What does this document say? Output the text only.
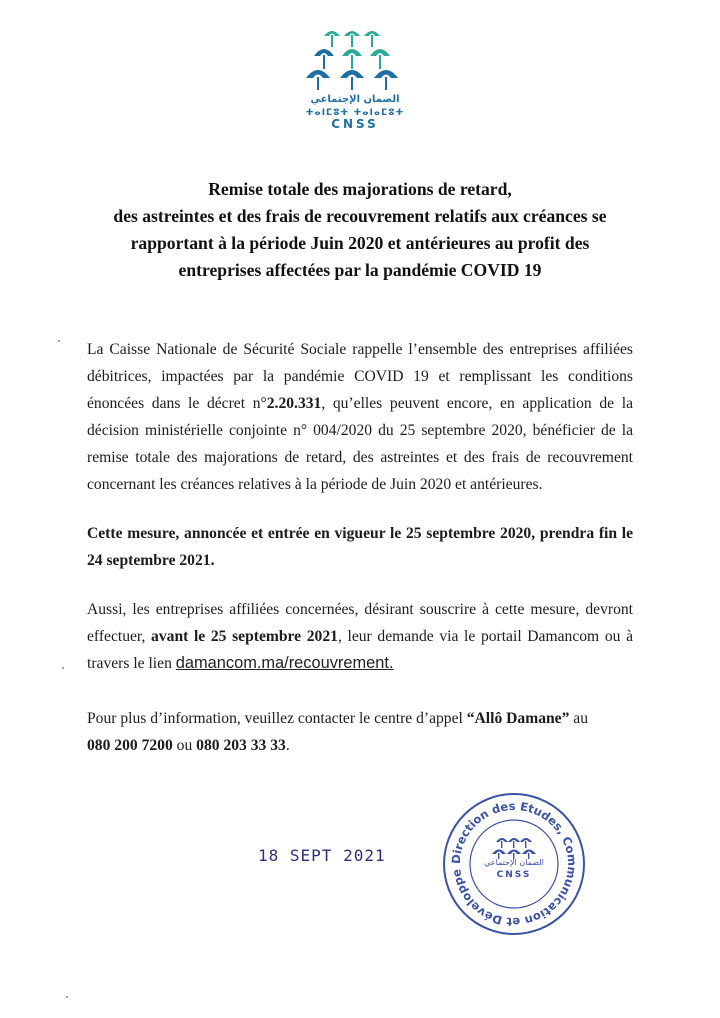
الضمان الإجتماعي
ⵜⴰⵏⵎⵓⵜ ⵜⴰⵏⴰⵎⵓⵜ
CNSS
Remise totale des majorations de retard,
des astreintes et des frais de recouvrement relatifs aux créances se
rapportant à la période Juin 2020 et antérieures au profit des
entreprises affectées par la pandémie COVID 19

La Caisse Nationale de Sécurité Sociale rappelle l’ensemble des entreprises affiliées débitrices, impactées par la pandémie COVID 19 et remplissant les conditions énoncées dans le décret n°2.20.331, qu’elles peuvent encore, en application de la décision ministérielle conjointe n° 004/2020 du 25 septembre 2020, bénéficier de la remise totale des majorations de retard, des astreintes et des frais de recouvrement concernant les créances relatives à la période de Juin 2020 et antérieures.

Cette mesure, annoncée et entrée en vigueur le 25 septembre 2020, prendra fin le 24 septembre 2021.

Aussi, les entreprises affiliées concernées, désirant souscrire à cette mesure, devront effectuer, avant le 25 septembre 2021, leur demande via le portail Damancom ou à travers le lien damancom.ma/recouvrement.

Pour plus d’information, veuillez contacter le centre d’appel “Allô Damane” au
080 200 7200 ou 080 203 33 33.

18 SEPT 2021	Direction des Etudes, Communication et Développe
الضمان الإجتماعي
CNSS
